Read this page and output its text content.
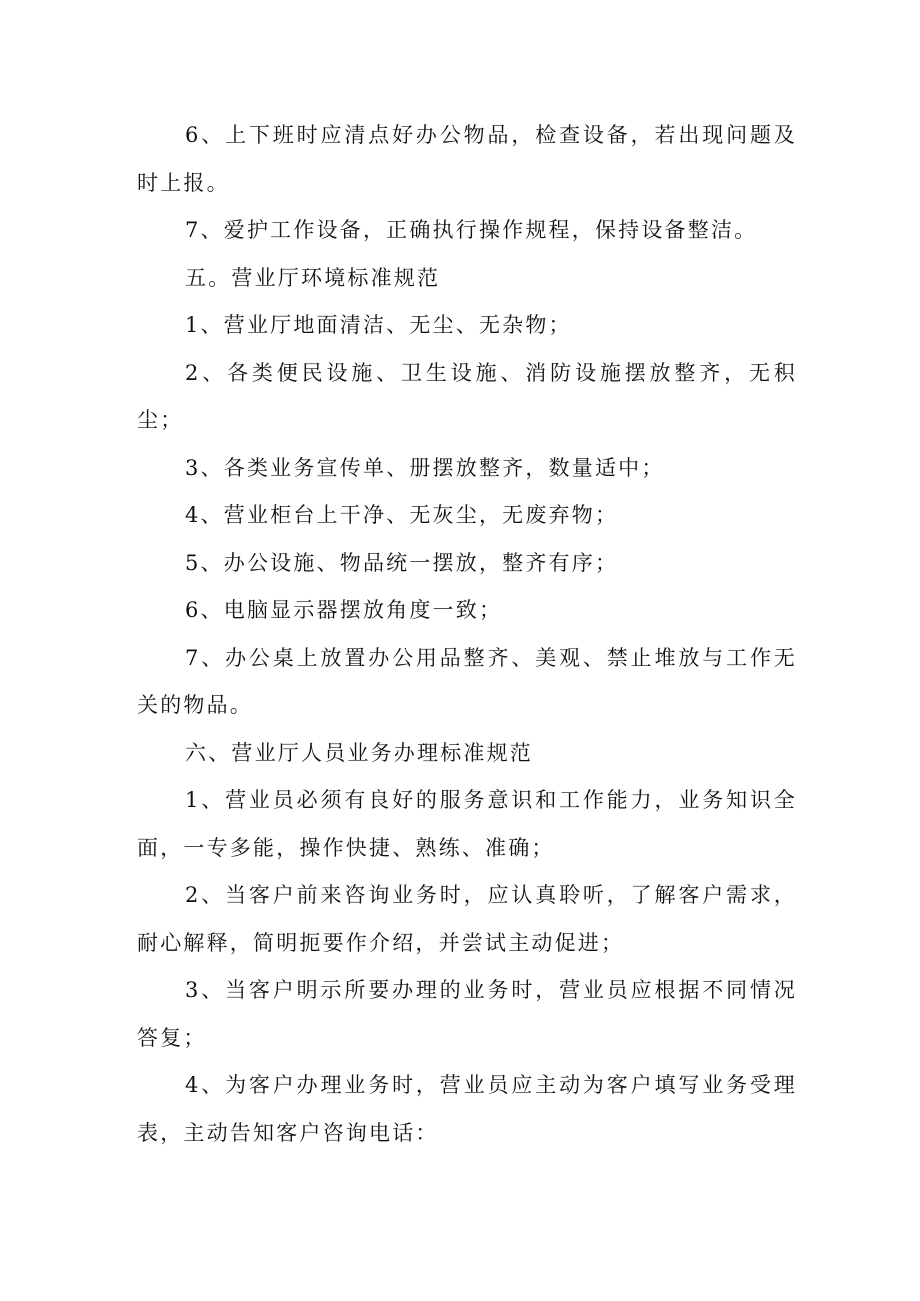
6、上下班时应清点好办公物品，检查设备，若出现问题及时上报。

7、爱护工作设备，正确执行操作规程，保持设备整洁。

五。营业厅环境标准规范

1、营业厅地面清洁、无尘、无杂物；

2、各类便民设施、卫生设施、消防设施摆放整齐，无积尘；

3、各类业务宣传单、册摆放整齐，数量适中；

4、营业柜台上干净、无灰尘，无废弃物；

5、办公设施、物品统一摆放，整齐有序；

6、电脑显示器摆放角度一致；

7、办公桌上放置办公用品整齐、美观、禁止堆放与工作无关的物品。

六、营业厅人员业务办理标准规范

1、营业员必须有良好的服务意识和工作能力，业务知识全面，一专多能，操作快捷、熟练、准确；

2、当客户前来咨询业务时，应认真聆听，了解客户需求，耐心解释，简明扼要作介绍，并尝试主动促进；

3、当客户明示所要办理的业务时，营业员应根据不同情况答复；

4、为客户办理业务时，营业员应主动为客户填写业务受理表，主动告知客户咨询电话：
